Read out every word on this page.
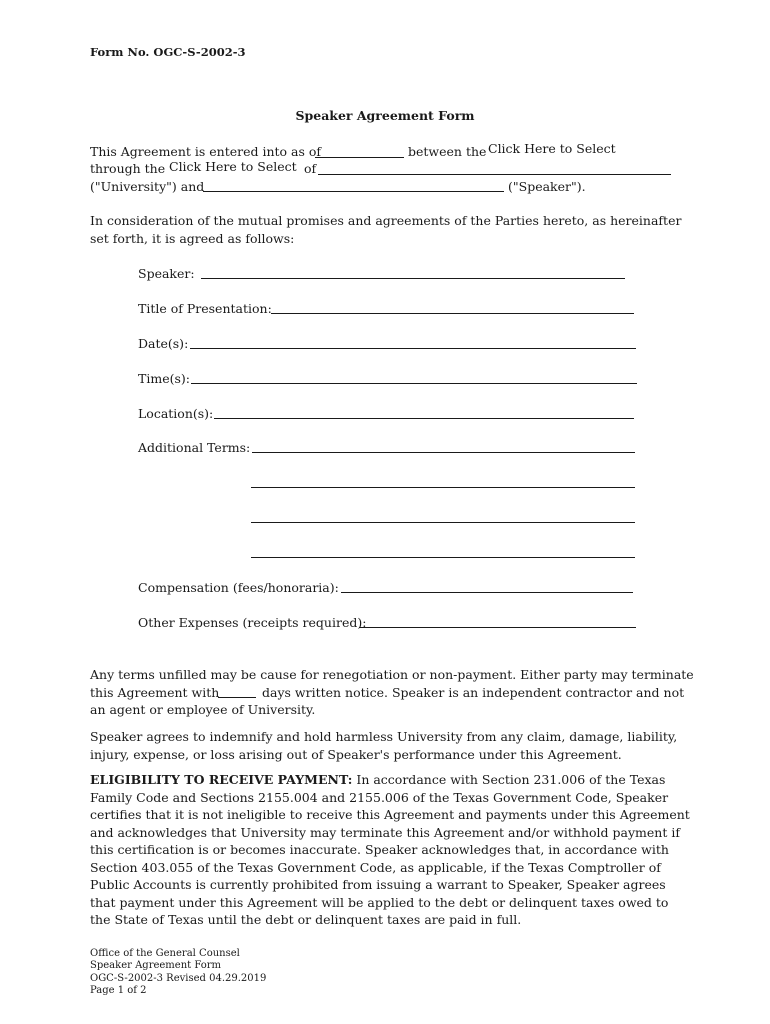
Form No. OGC-S-2002-3
Speaker Agreement Form
This Agreement is entered into as of	between the Click Here to Select
through the Click Here to Select of
("University") and	("Speaker").
In consideration of the mutual promises and agreements of the Parties hereto, as hereinafter
set forth, it is agreed as follows:
Speaker:
Title of Presentation:
Date(s):
Time(s):
Location(s):
Additional Terms:
Compensation (fees/honoraria):
Other Expenses (receipts required):
Any terms unfilled may be cause for renegotiation or non-payment. Either party may terminate
this Agreement with	days written notice. Speaker is an independent contractor and not
an agent or employee of University.
Speaker agrees to indemnify and hold harmless University from any claim, damage, liability,
injury, expense, or loss arising out of Speaker's performance under this Agreement.
ELIGIBILITY TO RECEIVE PAYMENT: In accordance with Section 231.006 of the Texas
Family Code and Sections 2155.004 and 2155.006 of the Texas Government Code, Speaker
certifies that it is not ineligible to receive this Agreement and payments under this Agreement
and acknowledges that University may terminate this Agreement and/or withhold payment if
this certification is or becomes inaccurate. Speaker acknowledges that, in accordance with
Section 403.055 of the Texas Government Code, as applicable, if the Texas Comptroller of
Public Accounts is currently prohibited from issuing a warrant to Speaker, Speaker agrees
that payment under this Agreement will be applied to the debt or delinquent taxes owed to
the State of Texas until the debt or delinquent taxes are paid in full.
Office of the General Counsel
Speaker Agreement Form
OGC-S-2002-3 Revised 04.29.2019
Page 1 of 2
